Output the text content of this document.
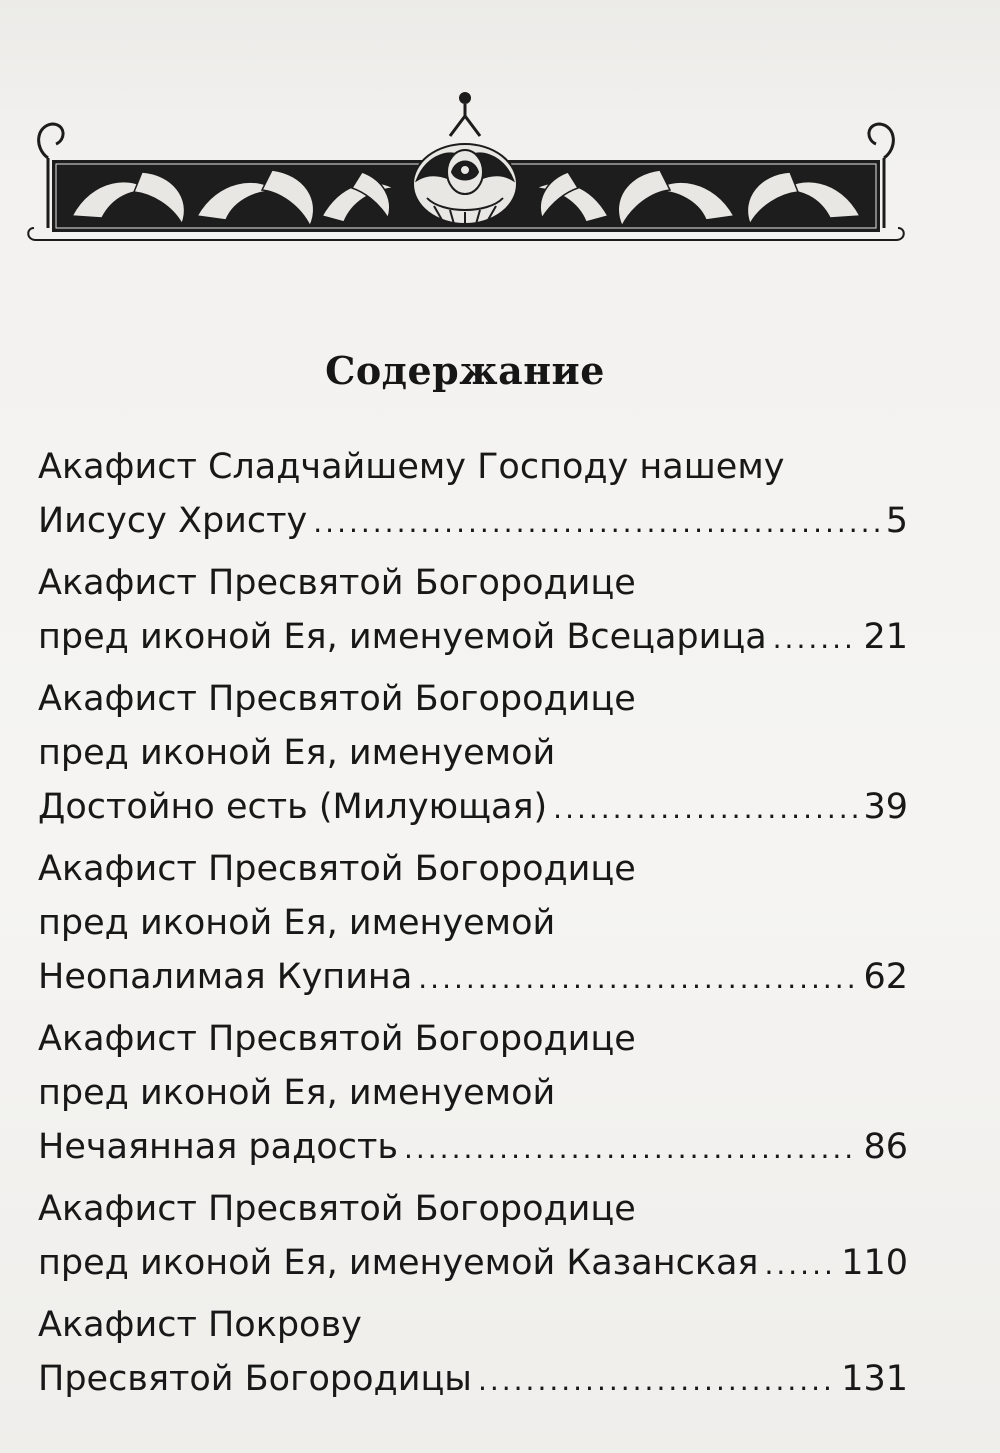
Содержание
Акафист Сладчайшему Господу нашему
Иисусу Христу .....	5
Акафист Пресвятой Богородице
пред иконой Ея, именуемой Всецарица .....	21
Акафист Пресвятой Богородице
пред иконой Ея, именуемой
Достойно есть (Милующая) .....	39
Акафист Пресвятой Богородице
пред иконой Ея, именуемой
Неопалимая Купина .....	62
Акафист Пресвятой Богородице
пред иконой Ея, именуемой
Нечаянная радость .....	86
Акафист Пресвятой Богородице
пред иконой Ея, именуемой Казанская ..... 110
Акафист Покрову
Пресвятой Богородицы .....	131
